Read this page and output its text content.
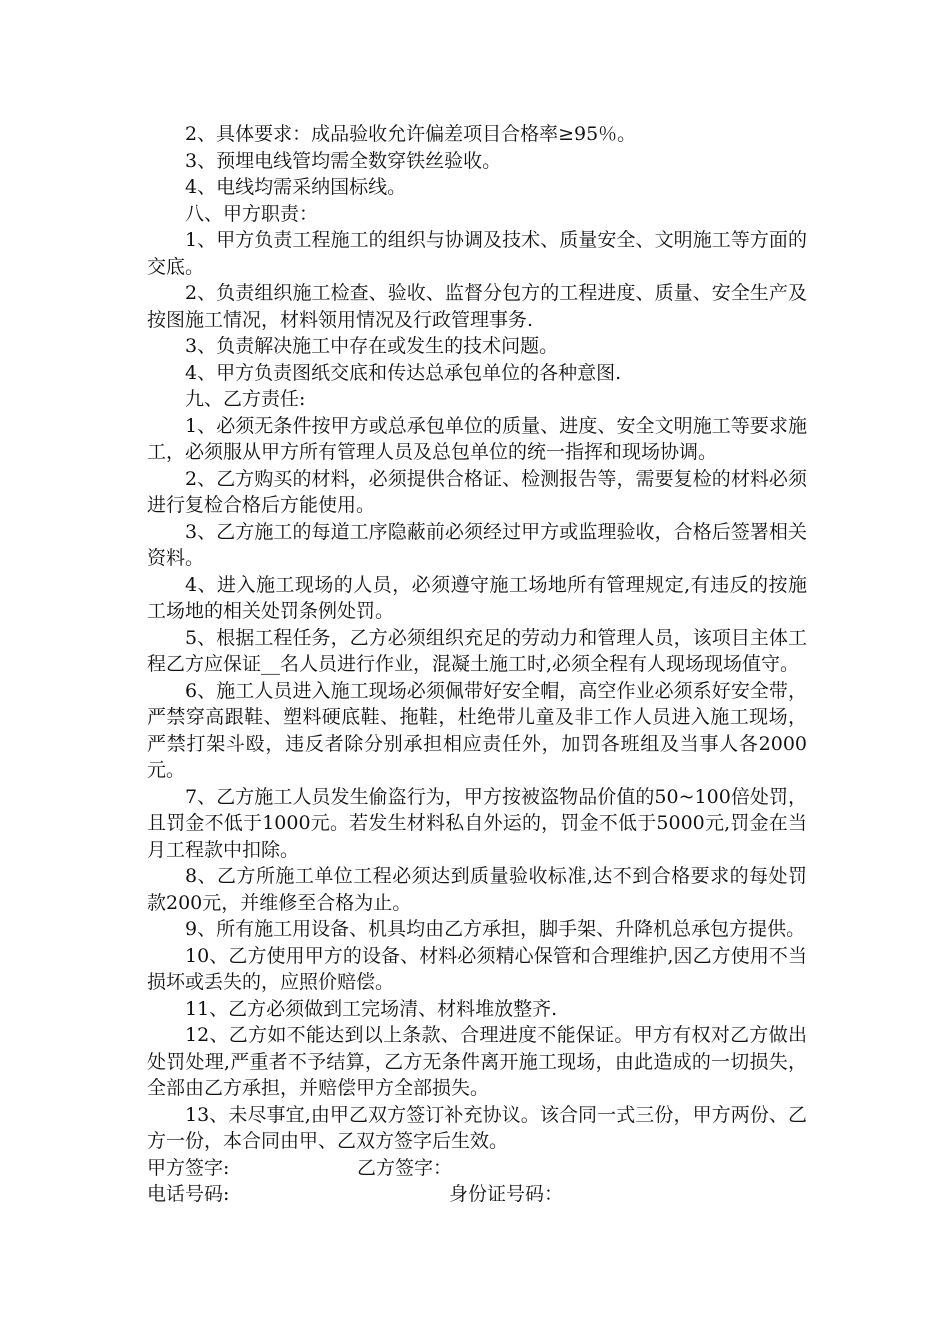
2、具体要求：成品验收允许偏差项目合格率≥95％。

3、预埋电线管均需全数穿铁丝验收。

4、电线均需采纳国标线。

八、甲方职责：

1、甲方负责工程施工的组织与协调及技术、质量安全、文明施工等方面的交底。

2、负责组织施工检查、验收、监督分包方的工程进度、质量、安全生产及按图施工情况，材料领用情况及行政管理事务.

3、负责解决施工中存在或发生的技术问题。

4、甲方负责图纸交底和传达总承包单位的各种意图.

九、乙方责任:

1、必须无条件按甲方或总承包单位的质量、进度、安全文明施工等要求施工，必须服从甲方所有管理人员及总包单位的统一指挥和现场协调。

2、乙方购买的材料，必须提供合格证、检测报告等，需要复检的材料必须进行复检合格后方能使用。

3、乙方施工的每道工序隐蔽前必须经过甲方或监理验收，合格后签署相关资料。

4、进入施工现场的人员，必须遵守施工场地所有管理规定,有违反的按施工场地的相关处罚条例处罚。

5、根据工程任务，乙方必须组织充足的劳动力和管理人员，该项目主体工程乙方应保证__名人员进行作业，混凝土施工时,必须全程有人现场现场值守。

6、施工人员进入施工现场必须佩带好安全帽，高空作业必须系好安全带，严禁穿高跟鞋、塑料硬底鞋、拖鞋，杜绝带儿童及非工作人员进入施工现场，严禁打架斗殴，违反者除分别承担相应责任外，加罚各班组及当事人各2000元。

7、乙方施工人员发生偷盗行为，甲方按被盗物品价值的50~100倍处罚，且罚金不低于1000元。若发生材料私自外运的，罚金不低于5000元,罚金在当月工程款中扣除。

8、乙方所施工单位工程必须达到质量验收标准,达不到合格要求的每处罚款200元，并维修至合格为止。

9、所有施工用设备、机具均由乙方承担，脚手架、升降机总承包方提供。

10、乙方使用甲方的设备、材料必须精心保管和合理维护,因乙方使用不当损坏或丢失的，应照价赔偿。

11、乙方必须做到工完场清、材料堆放整齐.

12、乙方如不能达到以上条款、合理进度不能保证。甲方有权对乙方做出处罚处理,严重者不予结算，乙方无条件离开施工现场，由此造成的一切损失，全部由乙方承担，并赔偿甲方全部损失。

13、未尽事宜,由甲乙双方签订补充协议。该合同一式三份，甲方两份、乙方一份，本合同由甲、乙双方签字后生效。

甲方签字:	乙方签字：
电话号码:	身份证号码：
